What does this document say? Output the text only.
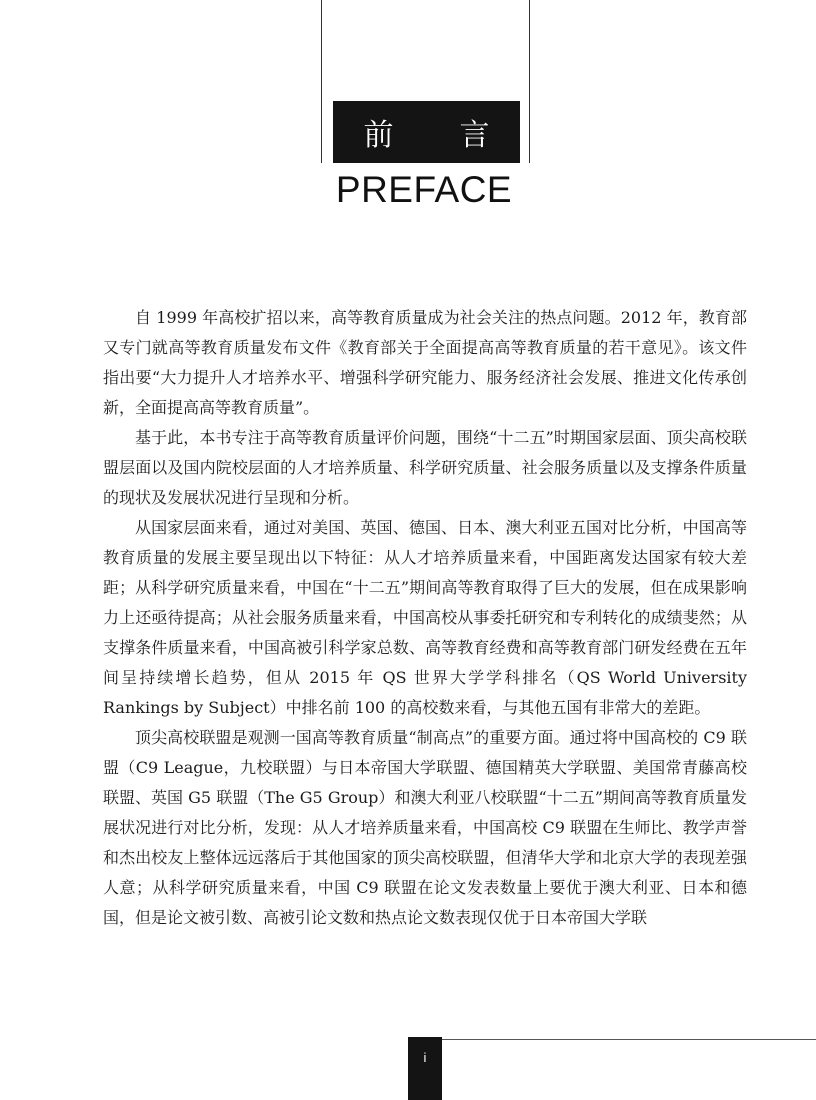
前 言
PREFACE

自 1999 年高校扩招以来，高等教育质量成为社会关注的热点问题。2012 年，教育部又专门就高等教育质量发布文件《教育部关于全面提高高等教育质量的若干意见》。该文件指出要“大力提升人才培养水平、增强科学研究能力、服务经济社会发展、推进文化传承创新，全面提高高等教育质量”。

基于此，本书专注于高等教育质量评价问题，围绕“十二五”时期国家层面、顶尖高校联盟层面以及国内院校层面的人才培养质量、科学研究质量、社会服务质量以及支撑条件质量的现状及发展状况进行呈现和分析。

从国家层面来看，通过对美国、英国、德国、日本、澳大利亚五国对比分析，中国高等教育质量的发展主要呈现出以下特征：从人才培养质量来看，中国距离发达国家有较大差距；从科学研究质量来看，中国在“十二五”期间高等教育取得了巨大的发展，但在成果影响力上还亟待提高；从社会服务质量来看，中国高校从事委托研究和专利转化的成绩斐然；从支撑条件质量来看，中国高被引科学家总数、高等教育经费和高等教育部门研发经费在五年间呈持续增长趋势，但从 2015 年 QS 世界大学学科排名（QS World University Rankings by Subject）中排名前 100 的高校数来看，与其他五国有非常大的差距。

顶尖高校联盟是观测一国高等教育质量“制高点”的重要方面。通过将中国高校的 C9 联盟（C9 League，九校联盟）与日本帝国大学联盟、德国精英大学联盟、美国常青藤高校联盟、英国 G5 联盟（The G5 Group）和澳大利亚八校联盟“十二五”期间高等教育质量发展状况进行对比分析，发现：从人才培养质量来看，中国高校 C9 联盟在生师比、教学声誉和杰出校友上整体远远落后于其他国家的顶尖高校联盟，但清华大学和北京大学的表现差强人意；从科学研究质量来看，中国 C9 联盟在论文发表数量上要优于澳大利亚、日本和德国，但是论文被引数、高被引论文数和热点论文数表现仅优于日本帝国大学联

i
